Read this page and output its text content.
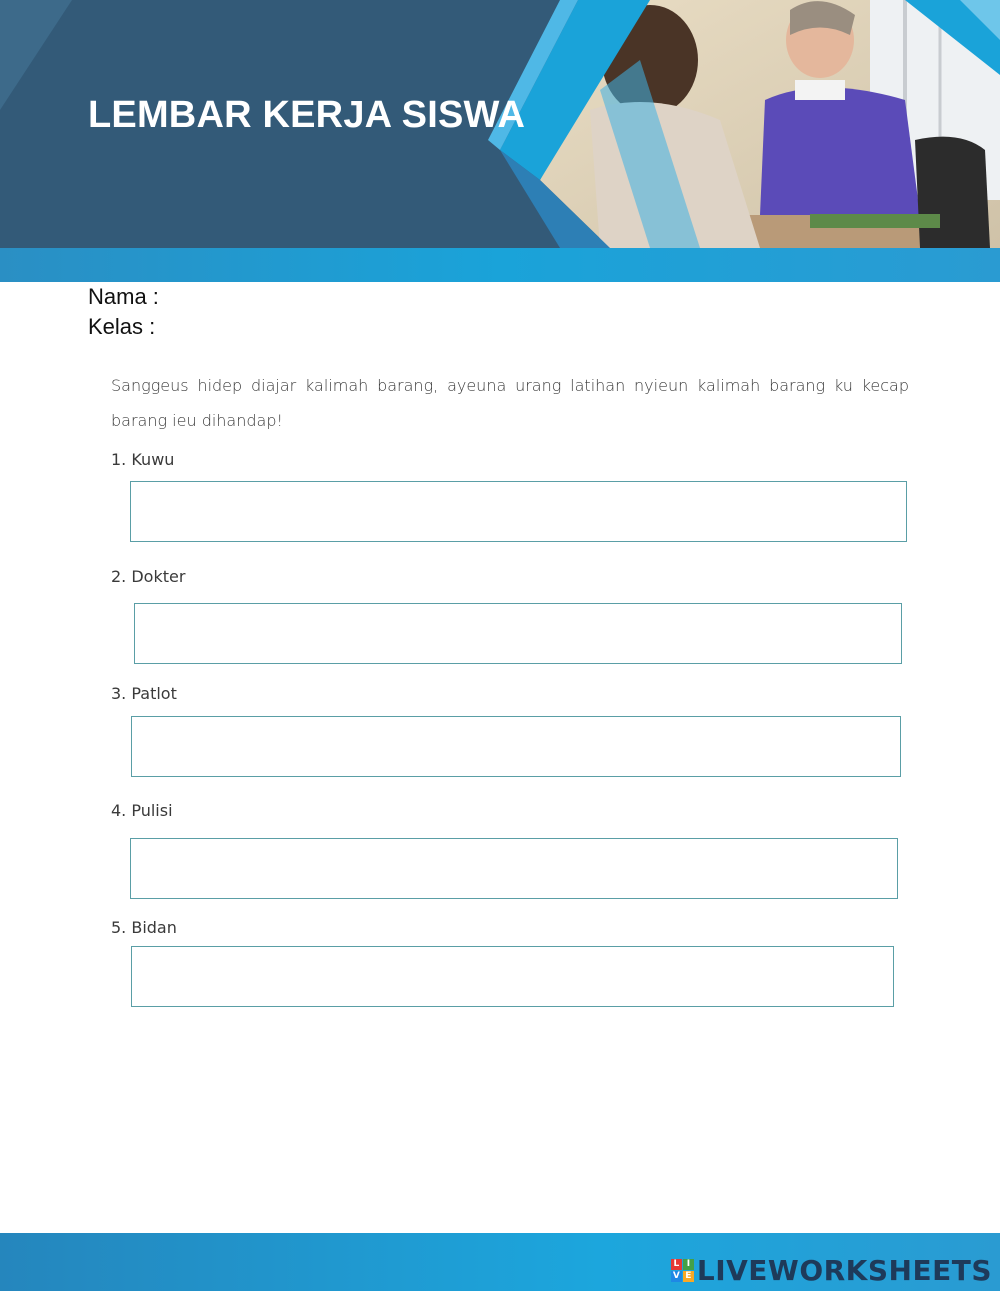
LEMBAR KERJA SISWA
Nama :
Kelas :
Sanggeus hidep diajar kalimah barang, ayeuna urang latihan nyieun kalimah barang ku kecap barang ieu dihandap!
1. Kuwu
2. Dokter
3. Patlot
4. Pulisi
5. Bidan
L I
V E LIVEWORKSHEETS
